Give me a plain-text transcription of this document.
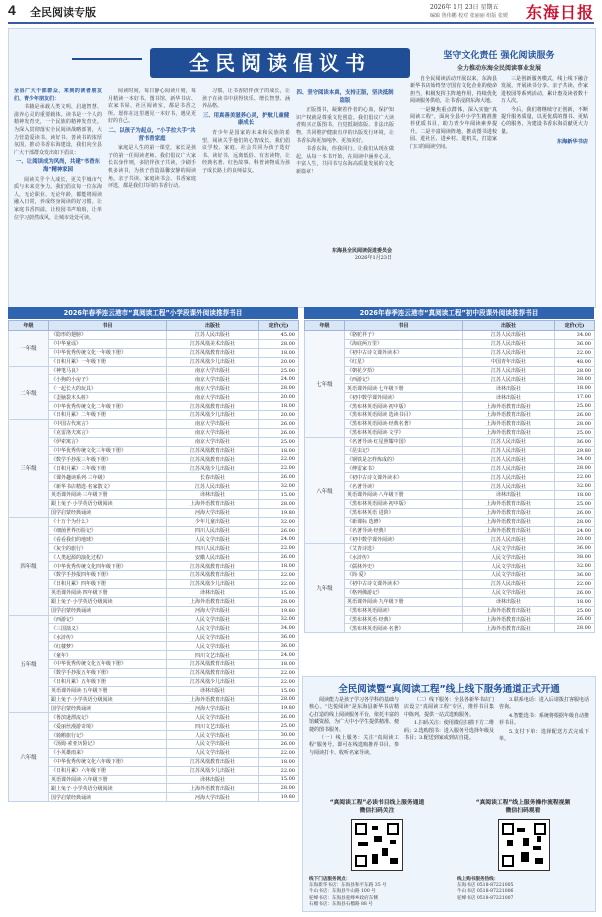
4 全民阅读专版	2026年 1月 23日 星期五
编辑 鲁伟鹏 校对 张丽丽 组版 张媛 东海日报
全民阅读倡议书

全县广大干部群众、来到的读者朋友们、青少年朋友们：

书籍是承载人类文明、启迪智慧、滋养心灵的重要载体。读书是一个人的精神发育史，一个民族的精神发育史。为深入贯彻落实全民阅读战略部署，大力营造爱读书、读好书、善读书的浓厚氛围，推动书香东海建设，我们向全县广大干部群众发出如下倡议：

一、让阅读成为风尚，共建“书香东海”精神家园

阅读关乎个人成长，更关乎城市气质与未来竞争力。我们倡议每一位东海人，无论职业、无论年龄，都能将阅读融入日常，养成终身阅读的好习惯。让家庭书香四溢，让校园书声琅琅，让单位学习蔚然成风，让城市处处可读。

阅读时间，每日静心阅读片刻，每月精读一本好书。图书馆、新华书店、农家书屋、社区阅读室，都是书香之所。愿你在这里遇见一本好书，遇见更好的自己。

二、以孩子为起点，“小手拉大手”共营书香家庭

家庭是人生的第一课堂，家长是孩子的第一任阅读老师。我们倡议广大家长以身作则，多陪伴孩子共读，少刷手机多读书，为孩子营造温馨安静的阅读角。亲子共读、家庭读书会、书香家庭评选，都是我们共同的书香行动。

习惯，让书香陪伴孩子的成长，让孩子在读书中获得快乐、增长智慧、涵养品格。

三、用真善美滋养心灵，护航儿童健康成长

青少年是国家的未来和民族的希望，阅读关乎他们的心智成长。我们倡议学校、家庭、社会共同为孩子选好书、读好书，远离低俗、有害读物，让经典名著、红色故事、科普读物成为孩子成长路上的良师益友。

四、坚守阅读本真，支持正版，坚决抵制盗版

正版图书，凝聚着作者的心血，保护知识产权就是尊重文化创造。我们倡议广大读者购买正版图书，自觉抵制盗版、非法出版物，共同维护健康有序的出版发行环境，让书香东海更加纯净、更加美好。

书香东海，你我同行。让我们从现在做起，从每一本书开始，在阅读中涵养心灵、丰富人生，共同书写东海高质量发展的文化新篇章！

东海县全民阅读促进委员会
2026年1月23日
坚守文化责任 强化阅读服务
全力推动东海全民阅读事业发展

自全民阅读活动开展以来，东海县新华书店始终坚守国有文化企业的使命担当，积极发挥主阵地作用，持续优化阅读服务供给，让书香浸润东海大地。

一是聚焦重点群体，深入实施“真阅读工程”，面向全县中小学生精准推荐优质书目，助力青少年阅读素养提升。二是丰富阅读阵地，推动图书进校园、进社区、进乡村、进机关，打造家门口的阅读空间。

三是创新服务模式，线上线下融合发展，开展读书分享、亲子共读、作家进校园等系列活动，累计惠及读者数十万人次。

今后，我们将继续守正创新，不断提升服务质量，以更优质的图书、更贴心的服务，为建设书香东海贡献更大力量。

东海新华书店
2026年春季连云港市“真阅读工程”小学段课外阅读推荐书目
年级	书目	出版社	定价(元)
一年级	《隐形的翅膀》	江苏人民出版社	45.00
	《中华童谣》	江苏凤凰美术出版社	28.00
	《中华优秀传统文化一年级下册》	江苏凤凰教育出版社	18.00
	《日积月累》一年级下册	江苏凤凰少儿出版社	20.00
二年级	《神笔马良》	南京大学出版社	25.00
	《小狗的小房子》	南京大学出版社	24.00
	《一起长大的玩具》	南京大学出版社	28.00
	《歪脑袋木头桩》	南京大学出版社	20.00
	《中华优秀传统文化二年级下册》	江苏凤凰教育出版社	18.00
	《日积月累》二年级下册	江苏凤凰少儿出版社	20.00
三年级	《中国古代寓言》	南京大学出版社	26.00
	《克雷洛夫寓言》	南京大学出版社	26.00
	《伊索寓言》	南京大学出版社	25.00
	《中华优秀传统文化三年级下册》	江苏凤凰教育出版社	18.00
	《数学手抄报三年级下册》	江苏凤凰教育出版社	22.00
	《日积月累》三年级下册	江苏凤凰少儿出版社	22.00
	《课外趣读系列·三年级》	长春出版社	26.00
	《新华书店精选·名家散文》	江苏人民出版社	32.00
	英语课外阅读·三年级下册	译林出版社	15.00
	跟上兔子·小学英语分级阅读	上海外语教育出版社	28.00
	国学启蒙经典诵读	河海大学出版社	19.80
四年级	《十万个为什么》	少年儿童出版社	32.00
	《细菌世界历险记》	四川人民出版社	26.00
	《看看我们的地球》	人民文学出版社	24.00
	《灰尘的旅行》	四川人民出版社	22.00
	《人类起源的演化过程》	安徽人民出版社	26.00
	《中华优秀传统文化四年级下册》	江苏凤凰教育出版社	18.00
	《数学手抄报四年级下册》	江苏凤凰教育出版社	22.00
	《日积月累》四年级下册	江苏凤凰少儿出版社	22.00
	英语课外阅读·四年级下册	译林出版社	15.00
	跟上兔子·小学英语分级阅读	上海外语教育出版社	28.00
	国学启蒙经典诵读	河海大学出版社	19.80
五年级	《西游记》	人民文学出版社	32.00
	《三国演义》	人民文学出版社	34.00
	《水浒传》	人民文学出版社	36.00
	《红楼梦》	人民文学出版社	36.00
	《童年》	四川文艺出版社	24.00
	《中华优秀传统文化五年级下册》	江苏凤凰教育出版社	18.00
	《数学手抄报五年级下册》	江苏凤凰教育出版社	22.00
	《日积月累》五年级下册	江苏凤凰少儿出版社	22.00
	英语课外阅读·五年级下册	译林出版社	15.00
	跟上兔子·小学英语分级阅读	上海外语教育出版社	28.00
	国学启蒙经典诵读	河海大学出版社	19.80
六年级	《鲁滨逊漂流记》	人民文学出版社	26.00
	《爱丽丝漫游奇境》	四川文艺出版社	25.00
	《骑鹅旅行记》	人民文学出版社	30.00
	《汤姆·索亚历险记》	人民文学出版社	26.00
	《小英雄雨来》	人民文学出版社	22.00
	《中华优秀传统文化六年级下册》	江苏凤凰教育出版社	18.00
	《日积月累》六年级下册	江苏凤凰少儿出版社	22.00
	英语课外阅读·六年级下册	译林出版社	15.00
	跟上兔子·小学英语分级阅读	上海外语教育出版社	28.00
	国学启蒙经典诵读	河海大学出版社	19.80
2026年春季连云港市“真阅读工程”初中段课外阅读推荐书目
年级	书目	出版社	定价(元)
七年级	《骆驼祥子》	江苏人民出版社	34.00
	《海底两万里》	江苏人民出版社	36.00
	《初中古诗文课外读本》	江苏人民出版社	22.00
	《红星》	中国青年出版社	48.00
	《朝花夕拾》	江苏人民出版社	28.00
	《西游记》	江苏人民出版社	38.00
	英语课外阅读·七年级下册	译林出版社	18.00
	《初中数学课外阅读》	译林出版社	17.00
	《黑布林英语阅读·初中版》	上海外语教育出版社	25.00
	《黑布林英语阅读 选读书目》	上海外语教育出版社	26.00
	《黑布林英语阅读·经典名著》	上海外语教育出版社	28.00
	《黑布林英语阅读·文学》	上海外语教育出版社	25.00
八年级	《名著导读·红星照耀中国》	江苏人民出版社	36.00
	《昆虫记》	江苏人民出版社	29.80
	《钢铁是怎样炼成的》	江苏人民出版社	34.00
	《傅雷家书》	江苏人民出版社	28.00
	《初中古诗文课外读本》	江苏人民出版社	22.00
	《名著导读》	江苏人民出版社	32.00
	英语课外阅读·八年级下册	译林出版社	18.00
	《黑布林英语阅读·初中版》	上海外语教育出版社	25.00
	《黑布林英语 进阶》	上海外语教育出版社	26.00
	《新课标 选修》	上海外语教育出版社	28.00
	《名著导读·经典》	上海外语教育出版社	24.00
	《初中数学课外阅读》	江苏人民出版社	20.00
九年级	《艾青诗选》	人民文学出版社	36.00
	《水浒传》	人民文学出版社	38.00
	《儒林外史》	人民文学出版社	32.00
	《简·爱》	人民文学出版社	36.00
	《初中古诗文课外读本》	江苏人民出版社	22.00
	《格列佛游记》	人民文学出版社	26.00
	英语课外阅读·九年级下册	译林出版社	18.00
	《黑布林英语阅读》	上海外语教育出版社	25.00
	《黑布林英语·经典》	上海外语教育出版社	26.00
	《黑布林英语阅读·名著》	上海外语教育出版社	28.00
全民阅读暨“真阅读工程”线上线下服务通道正式开通

阅读能力是孩子学习各学科的基础与核心。“达悦阅读”是东海县新华书店精心打造的线上阅读服务平台，依托丰富的馆藏资源，为广大中小学生提供精准、便捷的图书服务。

（一）线上服务：关注“真阅读工程”服务号，即可在线选购推荐书目、参与阅读打卡、收听名家导读。

（二）线下服务：全县各新华书店门店设立“真阅读工程”专区，推荐书目集中陈列，提供一站式选购服务。

1.扫码关注：使用微信扫描下方二维码；2.选购图书：进入服务号选择年级及书目；3.配送到家或到店自提。

3.联系电话：进入后请拨打客服电话咨询。

4.智能选书：系统将根据年级自动推荐书目。

5.支付下单：选择配送方式完成下单。

“真阅读工程”必读书目线上服务通道
微信扫码关注
“真阅读工程”线上服务操作流程视频
微信扫码观看
线下门店服务网点：
东海新华书店：东海县和平东路 35 号
牛山书店：东海县牛山路 100 号
驼峰书店：东海县驼峰乡政府东侧
石榴书店：东海县石榴路 88 号
线上购书服务热线：
东海书店 0518-87221005
牛山书店 0518-87221006
驼峰书店 0518-87221007
